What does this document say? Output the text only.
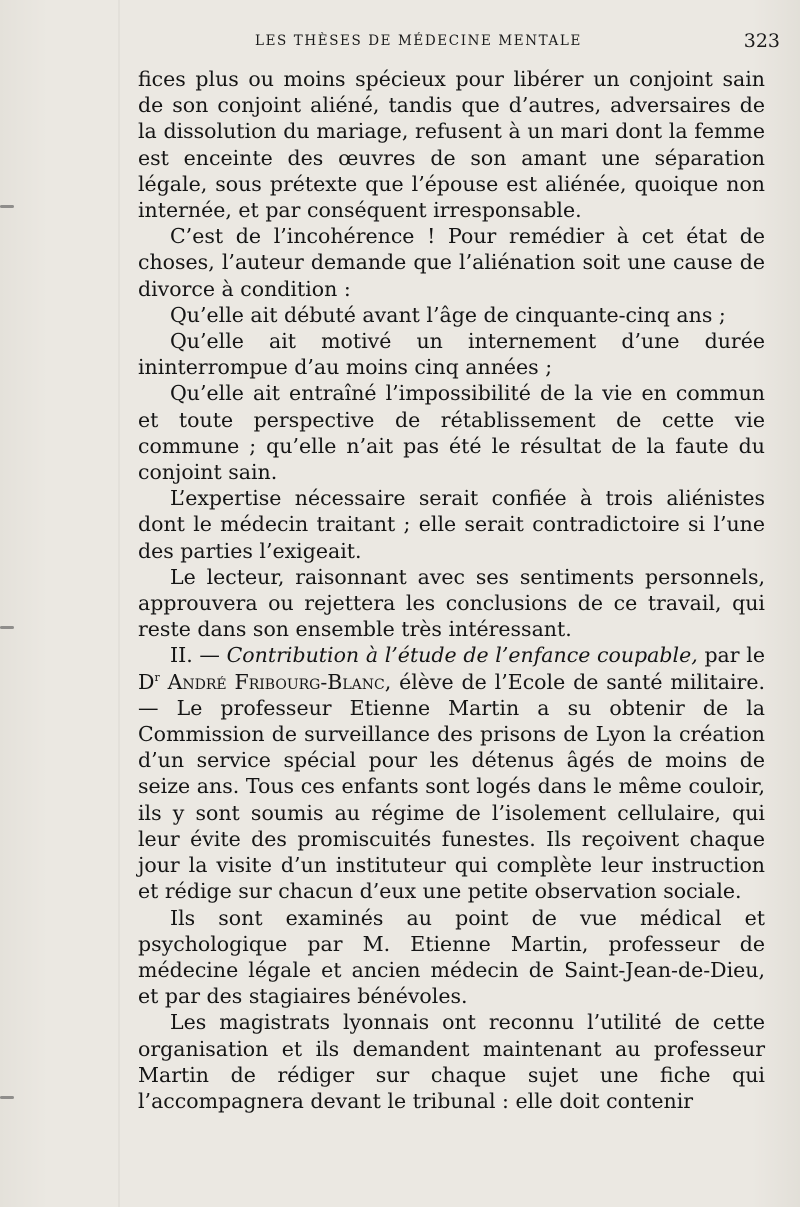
LES THÈSES DE MÉDECINE MENTALE	323

fices plus ou moins spécieux pour libérer un conjoint sain de son conjoint aliéné, tandis que d’autres, adversaires de la dissolution du mariage, refusent à un mari dont la femme est enceinte des œuvres de son amant une séparation légale, sous prétexte que l’épouse est aliénée, quoique non internée, et par conséquent irresponsable.

C’est de l’incohérence ! Pour remédier à cet état de choses, l’auteur demande que l’aliénation soit une cause de divorce à condition :

Qu’elle ait débuté avant l’âge de cinquante-cinq ans ;

Qu’elle ait motivé un internement d’une durée ininterrompue d’au moins cinq années ;

Qu’elle ait entraîné l’impossibilité de la vie en commun et toute perspective de rétablissement de cette vie commune ; qu’elle n’ait pas été le résultat de la faute du conjoint sain.

L’expertise nécessaire serait confiée à trois aliénistes dont le médecin traitant ; elle serait contradictoire si l’une des parties l’exigeait.

Le lecteur, raisonnant avec ses sentiments personnels, approuvera ou rejettera les conclusions de ce travail, qui reste dans son ensemble très intéressant.

II. — Contribution à l’étude de l’enfance coupable, par le $D^r$ André Fribourg-Blanc, élève de l’Ecole de santé militaire. — Le professeur Etienne Martin a su obtenir de la Commission de surveillance des prisons de Lyon la création d’un service spécial pour les détenus âgés de moins de seize ans. Tous ces enfants sont logés dans le même couloir, ils y sont soumis au régime de l’isolement cellulaire, qui leur évite des promiscuités funestes. Ils reçoivent chaque jour la visite d’un instituteur qui complète leur instruction et rédige sur chacun d’eux une petite observation sociale.

Ils sont examinés au point de vue médical et psychologique par M. Etienne Martin, professeur de médecine légale et ancien médecin de Saint-Jean-de-Dieu, et par des stagiaires bénévoles.

Les magistrats lyonnais ont reconnu l’utilité de cette organisation et ils demandent maintenant au professeur Martin de rédiger sur chaque sujet une fiche qui l’accompagnera devant le tribunal : elle doit contenir
